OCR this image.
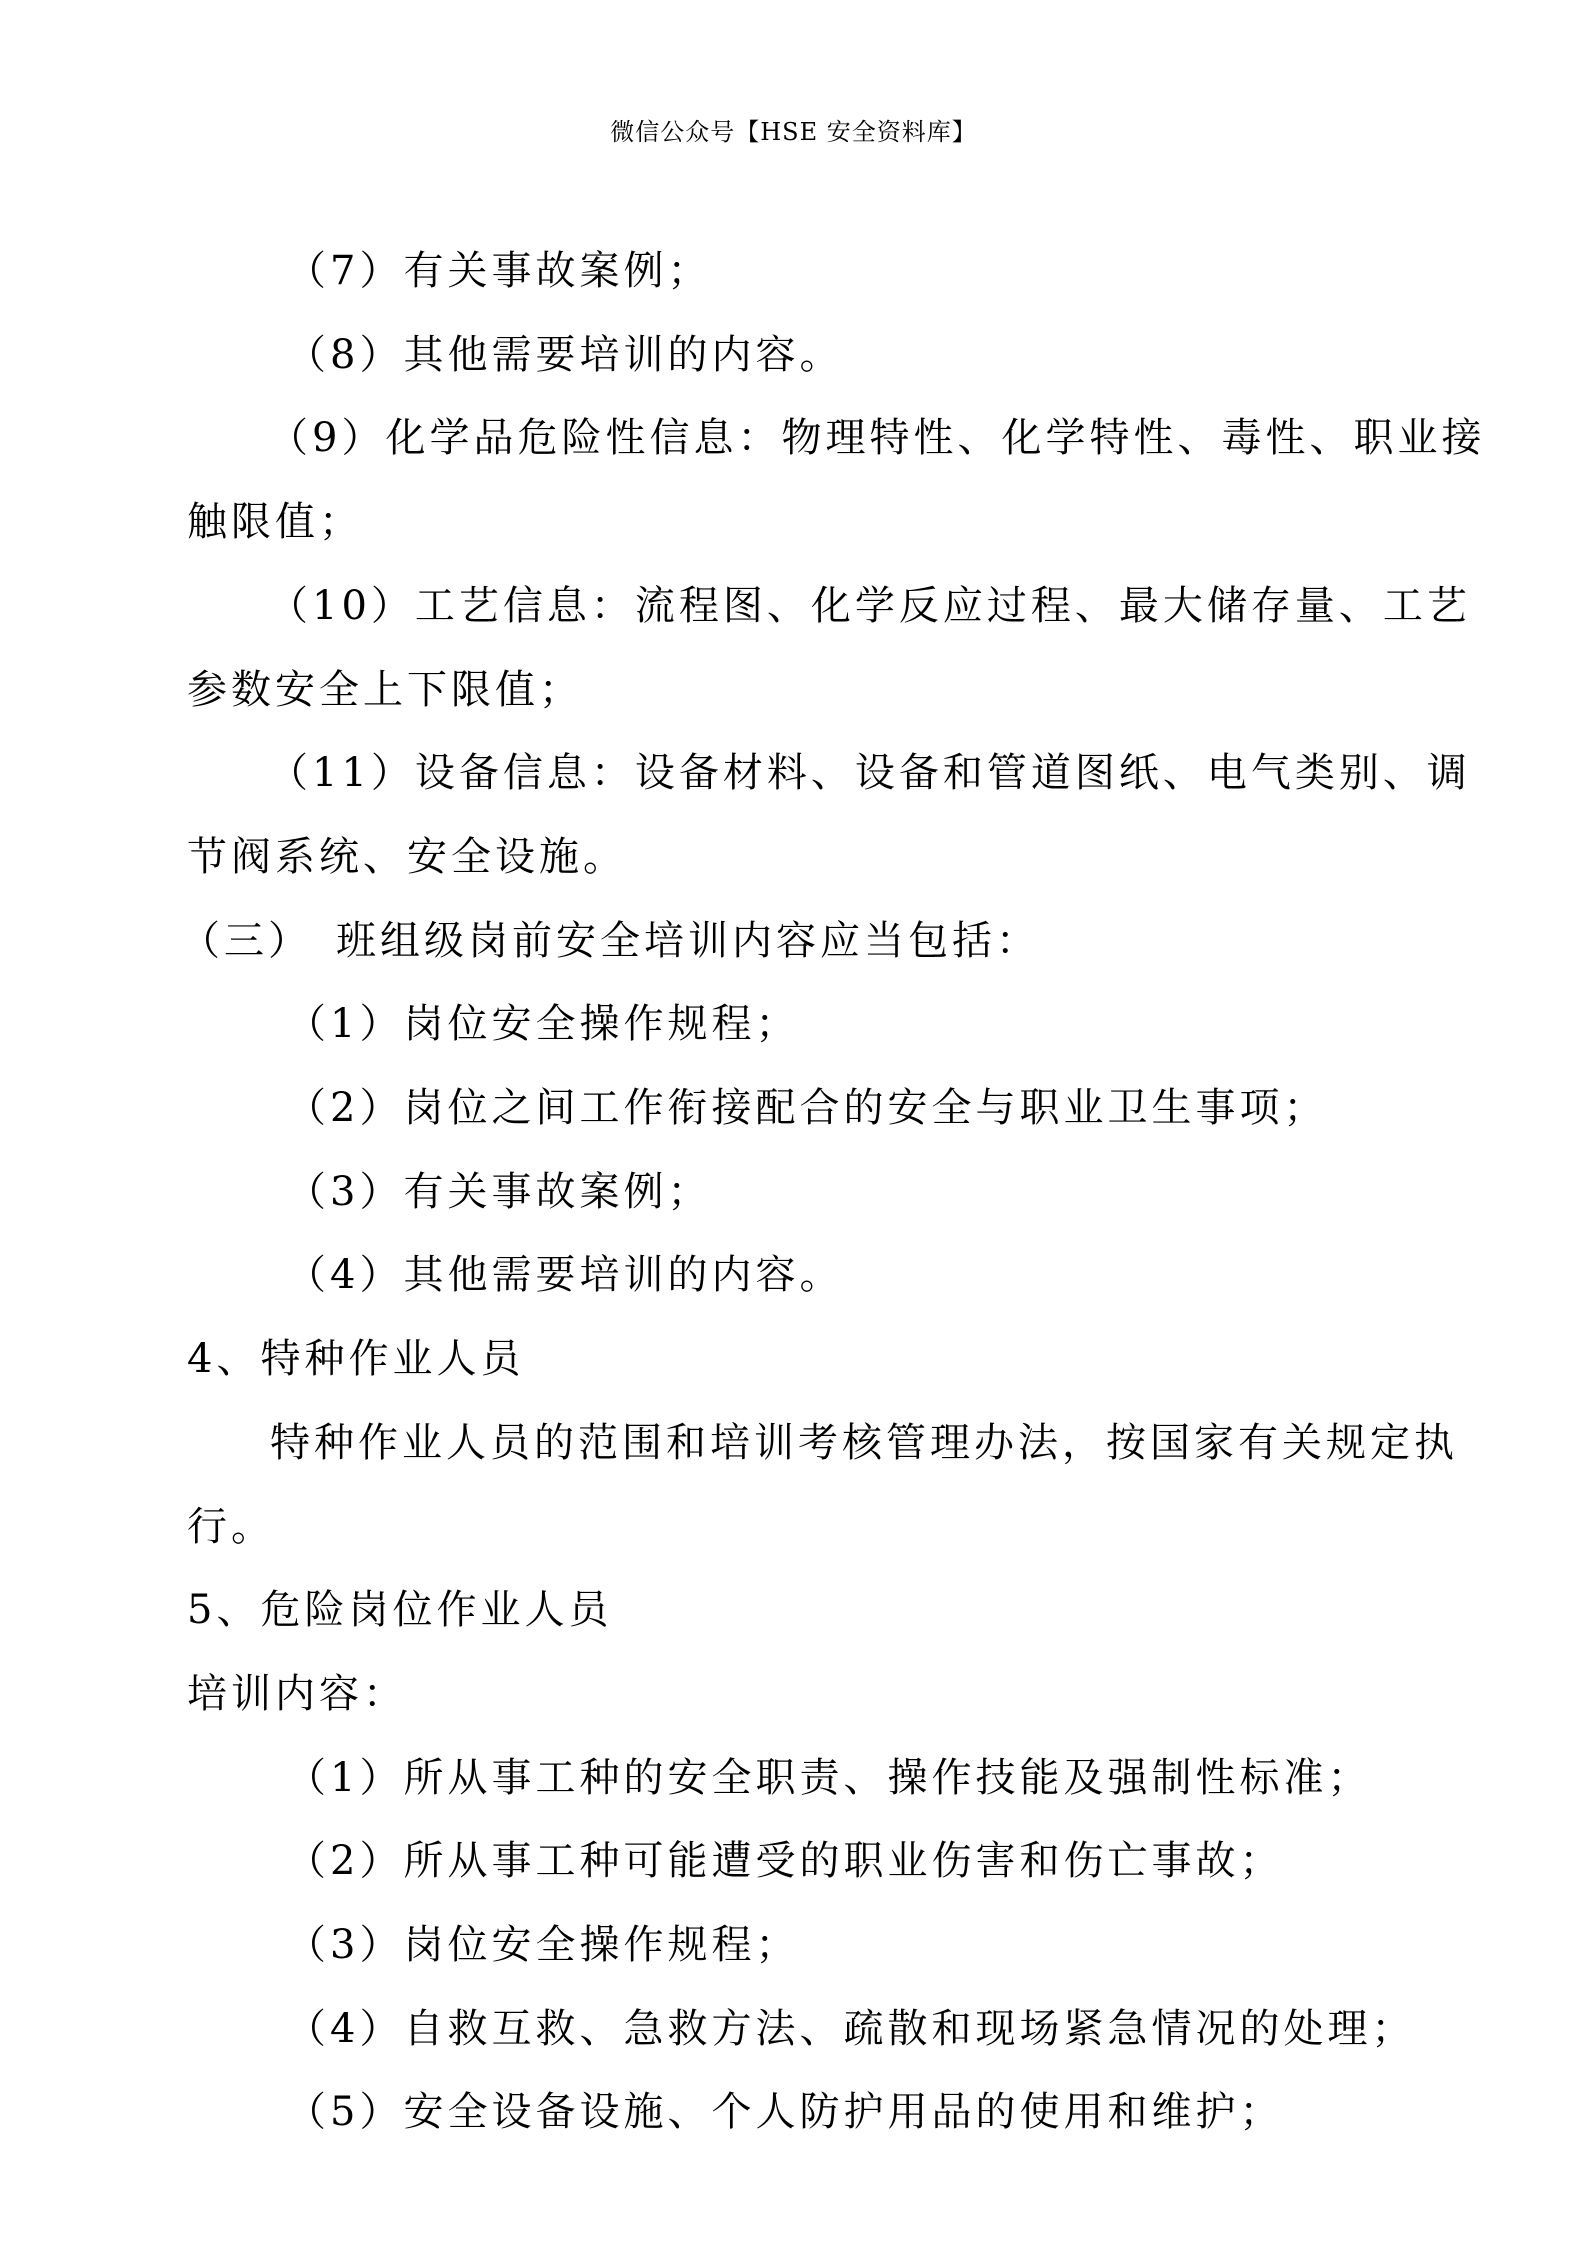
微信公众号【HSE 安全资料库】
（7）有关事故案例；
（8）其他需要培训的内容。
（9）化学品危险性信息：物理特性、化学特性、毒性、职业接
触限值；
（10）工艺信息：流程图、化学反应过程、最大储存量、工艺
参数安全上下限值；
（11）设备信息：设备材料、设备和管道图纸、电气类别、调
节阀系统、安全设施。
（三）　班组级岗前安全培训内容应当包括：
（1）岗位安全操作规程；
（2）岗位之间工作衔接配合的安全与职业卫生事项；
（3）有关事故案例；
（4）其他需要培训的内容。
4、特种作业人员
特种作业人员的范围和培训考核管理办法，按国家有关规定执
行。
5、危险岗位作业人员
培训内容：
（1）所从事工种的安全职责、操作技能及强制性标准；
（2）所从事工种可能遭受的职业伤害和伤亡事故；
（3）岗位安全操作规程；
（4）自救互救、急救方法、疏散和现场紧急情况的处理；
（5）安全设备设施、个人防护用品的使用和维护；
